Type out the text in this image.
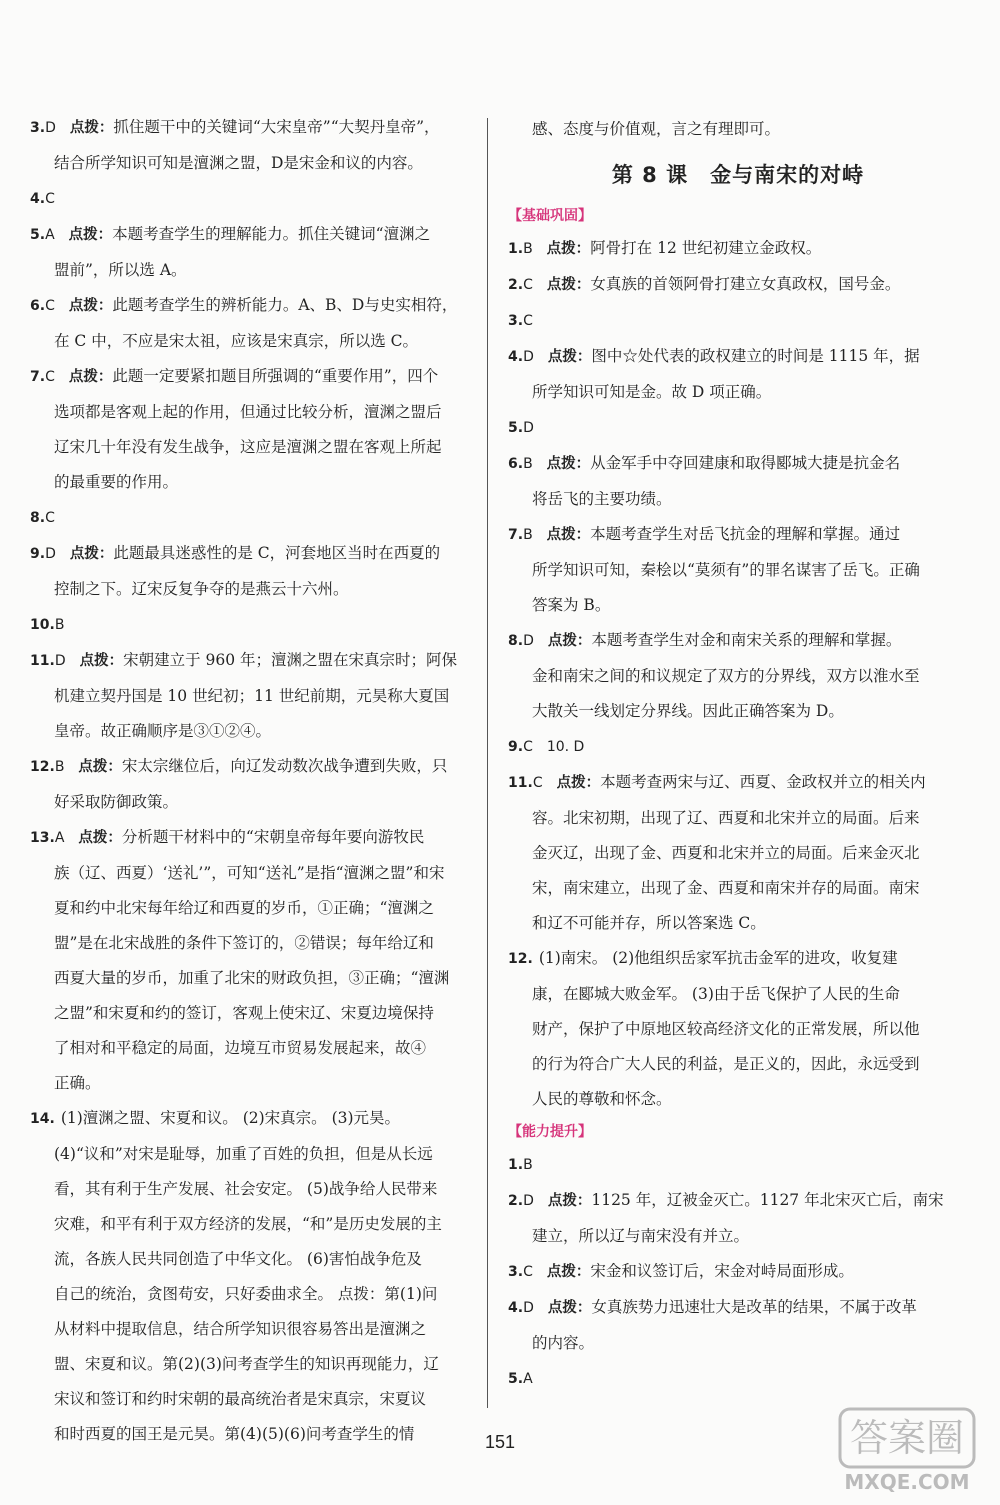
3.D 点拨：抓住题干中的关键词“大宋皇帝”“大契丹皇帝”，
结合所学知识可知是澶渊之盟，D是宋金和议的内容。
4.C
5.A 点拨：本题考查学生的理解能力。抓住关键词“澶渊之
盟前”，所以选 A。
6.C 点拨：此题考查学生的辨析能力。A、B、D与史实相符，
在 C 中，不应是宋太祖，应该是宋真宗，所以选 C。
7.C 点拨：此题一定要紧扣题目所强调的“重要作用”，四个
选项都是客观上起的作用，但通过比较分析，澶渊之盟后
辽宋几十年没有发生战争，这应是澶渊之盟在客观上所起
的最重要的作用。
8.C
9.D 点拨：此题最具迷惑性的是 C，河套地区当时在西夏的
控制之下。辽宋反复争夺的是燕云十六州。
10.B
11.D 点拨：宋朝建立于 960 年；澶渊之盟在宋真宗时；阿保
机建立契丹国是 10 世纪初；11 世纪前期，元昊称大夏国
皇帝。故正确顺序是③①②④。
12.B 点拨：宋太宗继位后，向辽发动数次战争遭到失败，只
好采取防御政策。
13.A 点拨：分析题干材料中的“宋朝皇帝每年要向游牧民
族（辽、西夏）‘送礼’”，可知“送礼”是指“澶渊之盟”和宋
夏和约中北宋每年给辽和西夏的岁币，①正确；“澶渊之
盟”是在北宋战胜的条件下签订的，②错误；每年给辽和
西夏大量的岁币，加重了北宋的财政负担，③正确；“澶渊
之盟”和宋夏和约的签订，客观上使宋辽、宋夏边境保持
了相对和平稳定的局面，边境互市贸易发展起来，故④
正确。
14. (1)澶渊之盟、宋夏和议。 (2)宋真宗。 (3)元昊。
(4)“议和”对宋是耻辱，加重了百姓的负担，但是从长远
看，其有利于生产发展、社会安定。 (5)战争给人民带来
灾难，和平有利于双方经济的发展，“和”是历史发展的主
流，各族人民共同创造了中华文化。 (6)害怕战争危及
自己的统治，贪图苟安，只好委曲求全。 点拨：第(1)问
从材料中提取信息，结合所学知识很容易答出是澶渊之
盟、宋夏和议。第(2)(3)问考查学生的知识再现能力，辽
宋议和签订和约时宋朝的最高统治者是宋真宗，宋夏议
和时西夏的国王是元昊。第(4)(5)(6)问考查学生的情
感、态度与价值观，言之有理即可。
第 8 课　金与南宋的对峙
【基础巩固】
1.B 点拨：阿骨打在 12 世纪初建立金政权。
2.C 点拨：女真族的首领阿骨打建立女真政权，国号金。
3.C
4.D 点拨：图中☆处代表的政权建立的时间是 1115 年，据
所学知识可知是金。故 D 项正确。
5.D
6.B 点拨：从金军手中夺回建康和取得郾城大捷是抗金名
将岳飞的主要功绩。
7.B 点拨：本题考查学生对岳飞抗金的理解和掌握。通过
所学知识可知，秦桧以“莫须有”的罪名谋害了岳飞。正确
答案为 B。
8.D 点拨：本题考查学生对金和南宋关系的理解和掌握。
金和南宋之间的和议规定了双方的分界线，双方以淮水至
大散关一线划定分界线。因此正确答案为 D。
9.C　10. D
11.C 点拨：本题考查两宋与辽、西夏、金政权并立的相关内
容。北宋初期，出现了辽、西夏和北宋并立的局面。后来
金灭辽，出现了金、西夏和北宋并立的局面。后来金灭北
宋，南宋建立，出现了金、西夏和南宋并存的局面。南宋
和辽不可能并存，所以答案选 C。
12. (1)南宋。 (2)他组织岳家军抗击金军的进攻，收复建
康，在郾城大败金军。 (3)由于岳飞保护了人民的生命
财产，保护了中原地区较高经济文化的正常发展，所以他
的行为符合广大人民的利益，是正义的，因此，永远受到
人民的尊敬和怀念。
【能力提升】
1.B
2.D 点拨：1125 年，辽被金灭亡。1127 年北宋灭亡后，南宋
建立，所以辽与南宋没有并立。
3.C 点拨：宋金和议签订后，宋金对峙局面形成。
4.D 点拨：女真族势力迅速壮大是改革的结果，不属于改革
的内容。
5.A
151	答案圈
MXQE.COM
